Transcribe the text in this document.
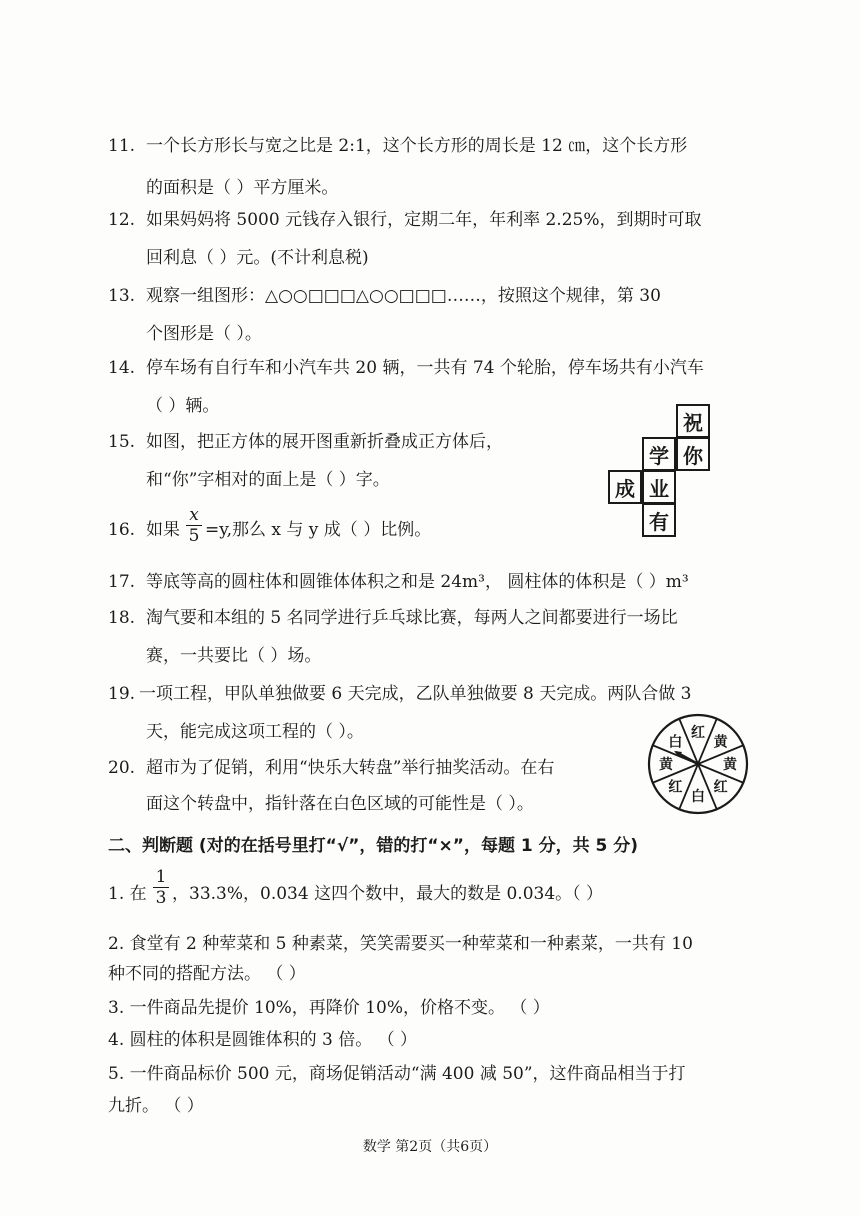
11. 一个长方形长与宽之比是 2:1，这个长方形的周长是 12 ㎝，这个长方形
的面积是（ ）平方厘米。
12. 如果妈妈将 5000 元钱存入银行，定期二年，年利率 2.25%，到期时可取
回利息（ ）元。(不计利息税)
13. 观察一组图形：△○○□□□△○○□□□……，按照这个规律，第 30
个图形是（ ）。
14. 停车场有自行车和小汽车共 20 辆，一共有 74 个轮胎，停车场共有小汽车
（ ）辆。
15. 如图，把正方体的展开图重新折叠成正方体后，
和“你”字相对的面上是（ ）字。
祝
学 你
成 业
有
16. 如果
x
5 =y,那么 x 与 y 成（ ）比例。
17. 等底等高的圆柱体和圆锥体体积之和是 24m³， 圆柱体的体积是（ ）m³
18. 淘气要和本组的 5 名同学进行乒乓球比赛，每两人之间都要进行一场比
赛，一共要比（ ）场。
19. 一项工程，甲队单独做要 6 天完成，乙队单独做要 8 天完成。两队合做 3
天，能完成这项工程的（ ）。
20. 超市为了促销，利用“快乐大转盘”举行抽奖活动。在右
面这个转盘中，指针落在白色区域的可能性是（ ）。
红
黄
黄
红
白
红
黄
白
二、判断题 (对的在括号里打“√”，错的打“×”，每题 1 分，共 5 分)
1. 在
1
3 ，33.3%，0.034 这四个数中，最大的数是 0.034。（ ）
2. 食堂有 2 种荤菜和 5 种素菜，笑笑需要买一种荤菜和一种素菜，一共有 10
种不同的搭配方法。 （ ）
3. 一件商品先提价 10%，再降价 10%，价格不变。 （ ）
4. 圆柱的体积是圆锥体积的 3 倍。 （ ）
5. 一件商品标价 500 元，商场促销活动“满 400 减 50”，这件商品相当于打
九折。 （ ）
数学 第2页（共6页）
